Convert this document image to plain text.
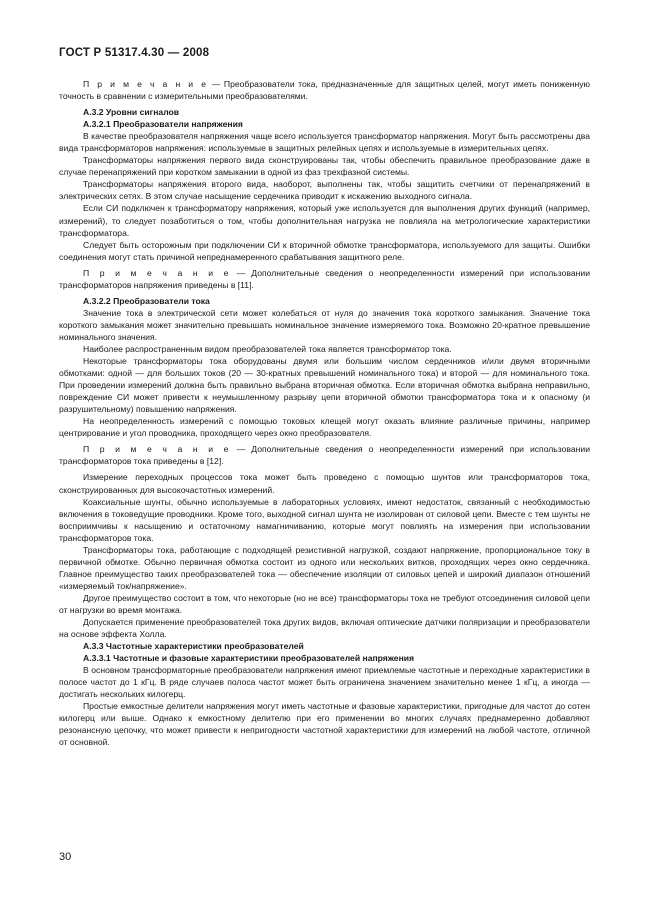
ГОСТ Р 51317.4.30 — 2008

П р и м е ч а н и е — Преобразователи тока, предназначенные для защитных целей, могут иметь пониженную точность в сравнении с измерительными преобразователями.

А.3.2 Уровни сигналов

А.3.2.1 Преобразователи напряжения

В качестве преобразователя напряжения чаще всего используется трансформатор напряжения. Могут быть рассмотрены два вида трансформаторов напряжения: используемые в защитных релейных цепях и используемые в измерительных цепях.

Трансформаторы напряжения первого вида сконструированы так, чтобы обеспечить правильное преобразование даже в случае перенапряжений при коротком замыкании в одной из фаз трехфазной системы.

Трансформаторы напряжения второго вида, наоборот, выполнены так, чтобы защитить счетчики от перенапряжений в электрических сетях. В этом случае насыщение сердечника приводит к искажению выходного сигнала.

Если СИ подключен к трансформатору напряжения, который уже используется для выполнения других функций (например, измерений), то следует позаботиться о том, чтобы дополнительная нагрузка не повлияла на метрологические характеристики трансформатора.

Следует быть осторожным при подключении СИ к вторичной обмотке трансформатора, используемого для защиты. Ошибки соединения могут стать причиной непреднамеренного срабатывания защитного реле.

П р и м е ч а н и е — Дополнительные сведения о неопределенности измерений при использовании трансформаторов напряжения приведены в [11].

А.3.2.2 Преобразователи тока

Значение тока в электрической сети может колебаться от нуля до значения тока короткого замыкания. Значение тока короткого замыкания может значительно превышать номинальное значение измеряемого тока. Возможно 20-кратное превышение номинального значения.

Наиболее распространенным видом преобразователей тока является трансформатор тока.

Некоторые трансформаторы тока оборудованы двумя или большим числом сердечников и/или двумя вторичными обмотками: одной — для больших токов (20 — 30-кратных превышений номинального тока) и второй — для номинального тока. При проведении измерений должна быть правильно выбрана вторичная обмотка. Если вторичная обмотка выбрана неправильно, повреждение СИ может привести к неумышленному разрыву цепи вторичной обмотки трансформатора тока и к опасному (и разрушительному) повышению напряжения.

На неопределенность измерений с помощью токовых клещей могут оказать влияние различные причины, например центрирование и угол проводника, проходящего через окно преобразователя.

П р и м е ч а н и е — Дополнительные сведения о неопределенности измерений при использовании трансформаторов тока приведены в [12].

Измерение переходных процессов тока может быть проведено с помощью шунтов или трансформаторов тока, сконструированных для высокочастотных измерений.

Коаксиальные шунты, обычно используемые в лабораторных условиях, имеют недостаток, связанный с необходимостью включения в токоведущие проводники. Кроме того, выходной сигнал шунта не изолирован от силовой цепи. Вместе с тем шунты не восприимчивы к насыщению и остаточному намагничиванию, которые могут повлиять на измерения при использовании трансформаторов тока.

Трансформаторы тока, работающие с подходящей резистивной нагрузкой, создают напряжение, пропорциональное току в первичной обмотке. Обычно первичная обмотка состоит из одного или нескольких витков, проходящих через окно сердечника. Главное преимущество таких преобразователей тока — обеспечение изоляции от силовых цепей и широкий диапазон отношений «измеряемый ток/напряжение».

Другое преимущество состоит в том, что некоторые (но не все) трансформаторы тока не требуют отсоединения силовой цепи от нагрузки во время монтажа.

Допускается применение преобразователей тока других видов, включая оптические датчики поляризации и преобразователи на основе эффекта Холла.

А.3.3 Частотные характеристики преобразователей

А.3.3.1 Частотные и фазовые характеристики преобразователей напряжения

В основном трансформаторные преобразователи напряжения имеют приемлемые частотные и переходные характеристики в полосе частот до 1 кГц. В ряде случаев полоса частот может быть ограничена значением значительно менее 1 кГц, а иногда — достигать нескольких килогерц.

Простые емкостные делители напряжения могут иметь частотные и фазовые характеристики, пригодные для частот до сотен килогерц или выше. Однако к емкостному делителю при его применении во многих случаях преднамеренно добавляют резонансную цепочку, что может привести к непригодности частотной характеристики для измерений на любой частоте, отличной от основной.

30
